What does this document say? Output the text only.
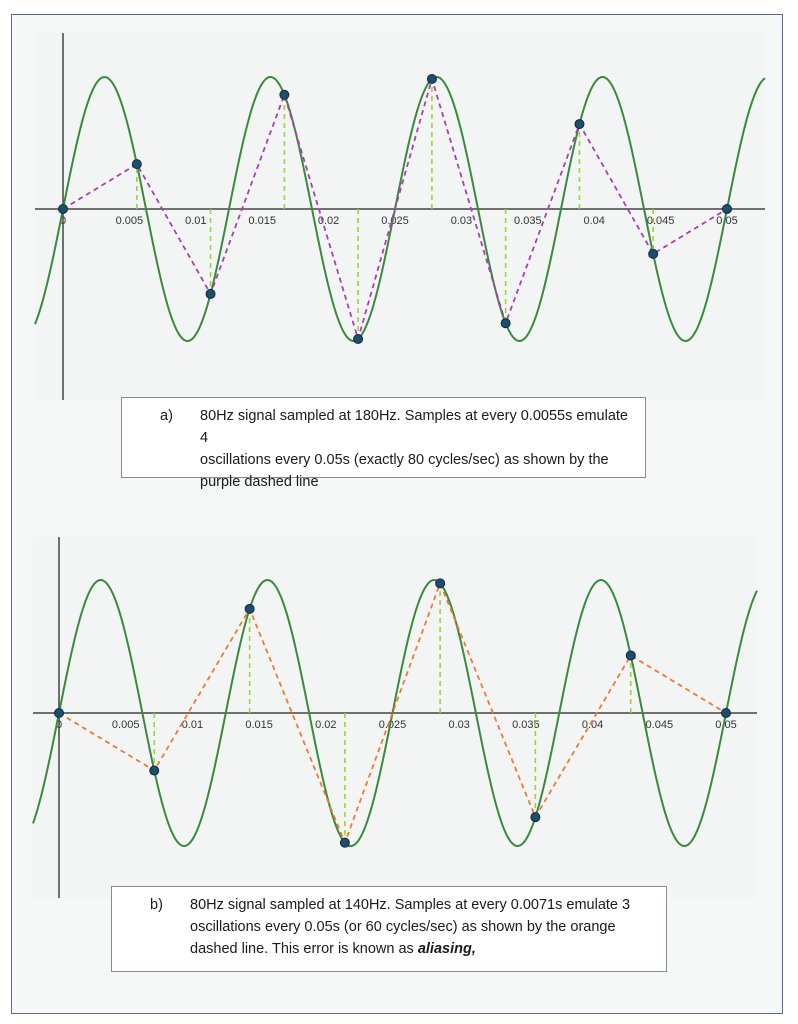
0	0.005	0.01	0.015	0.02	0.025	0.03	0.035	0.04	0.045	0.05
0	0.005	0.01	0.015	0.02	0.025	0.03	0.035	0.04	0.045	0.05
a) 80Hz signal sampled at 180Hz. Samples at every 0.0055s emulate 4
oscillations every 0.05s (exactly 80 cycles/sec) as shown by the
purple dashed line
b) 80Hz signal sampled at 140Hz. Samples at every 0.0071s emulate 3
oscillations every 0.05s (or 60 cycles/sec) as shown by the orange
dashed line. This error is known as aliasing,
